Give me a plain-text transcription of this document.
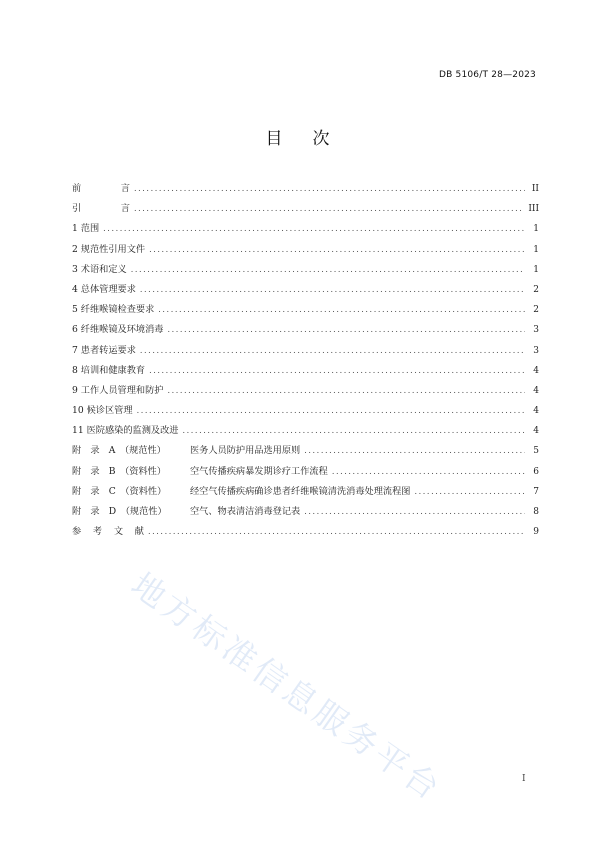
DB 5106/T 28—2023
目 次
前　言 .....	II
引　言 .....	III
1 范围 .....	1
2 规范性引用文件 .....	1
3 术语和定义 .....	1
4 总体管理要求 .....	2
5 纤维喉镜检查要求 .....	2
6 纤维喉镜及环境消毒 .....	3
7 患者转运要求 .....	3
8 培训和健康教育 .....	4
9 工作人员管理和防护 .....	4
10 候诊区管理 .....	4
11 医院感染的监测及改进 .....	4
附　录　A　（规范性）	医务人员防护用品选用原则 .....	5
附　录　B　（资料性）	空气传播疾病暴发期诊疗工作流程 .....	6
附　录　C　（资料性）	经空气传播疾病确诊患者纤维喉镜清洗消毒处理流程图 .....	7
附　录　D　（规范性）	空气、物表清洁消毒登记表 .....	8
参　考　文　献 .....	9
地方标准信息服务平台	I
